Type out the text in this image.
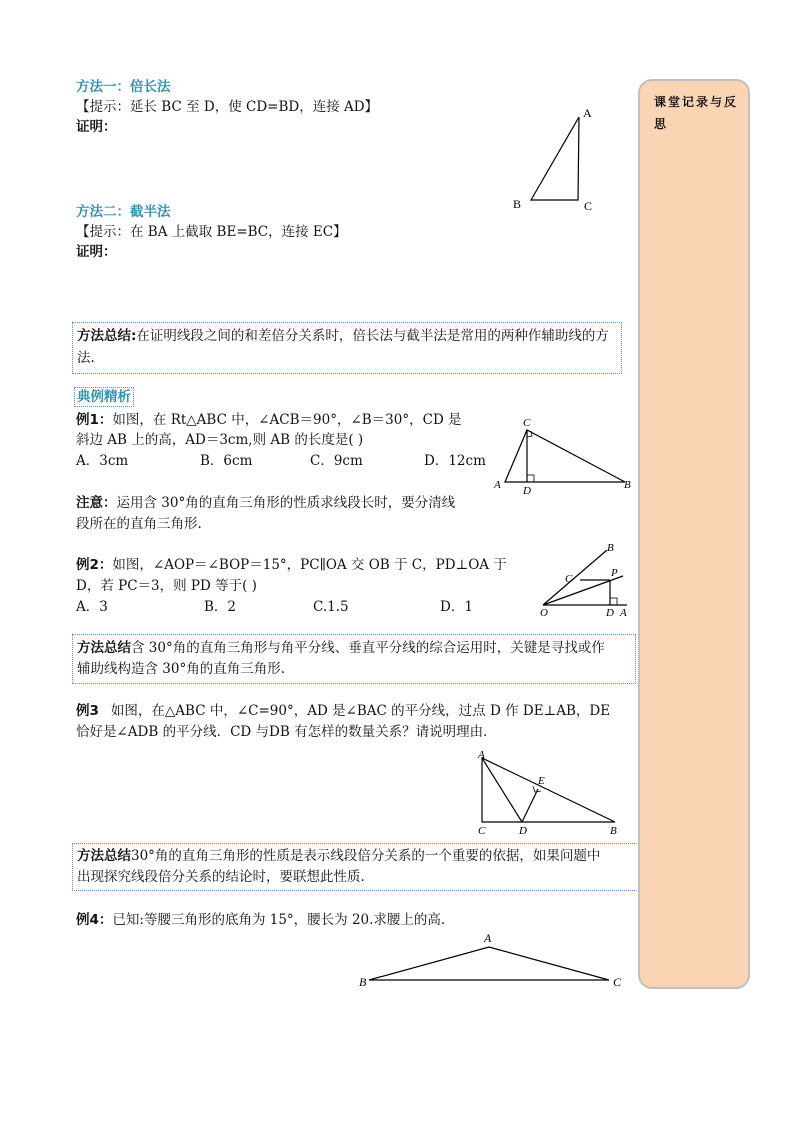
方法一：倍长法
【提示：延长 BC 至 D，使 CD=BD，连接 AD】
证明：
A
B	C
方法二：截半法
【提示：在 BA 上截取 BE=BC，连接 EC】
证明：
方法总结:在证明线段之间的和差倍分关系时，倍长法与截半法是常用的两种作辅助线的方
法.
典例精析
例1：如图，在 Rt△ABC 中，∠ACB＝90°，∠B＝30°，CD 是
斜边 AB 上的高，AD＝3cm,则 AB 的长度是( )
A．3cm	B．6cm	C．9cm	D．12cm
C
A D	B
注意：运用含 30°角的直角三角形的性质求线段长时，要分清线
段所在的直角三角形.
例2：如图，∠AOP＝∠BOP＝15°，PC∥OA 交 OB 于 C，PD⊥OA 于
D，若 PC＝3，则 PD 等于( )
A．3	B．2	C.1.5	D．1
B
C	P
O	D A
方法总结含 30°角的直角三角形与角平分线、垂直平分线的综合运用时，关键是寻找或作
辅助线构造含 30°角的直角三角形.
例3 如图，在△ABC 中，∠C=90°，AD 是∠BAC 的平分线，过点 D 作 DE⊥AB，DE
恰好是∠ADB 的平分线．CD 与DB 有怎样的数量关系？请说明理由．
A
E
C	D	B
方法总结30°角的直角三角形的性质是表示线段倍分关系的一个重要的依据，如果问题中
出现探究线段倍分关系的结论时，要联想此性质.
例4：已知:等腰三角形的底角为 15°，腰长为 20.求腰上的高.
A
B	C
课堂记录与反思
